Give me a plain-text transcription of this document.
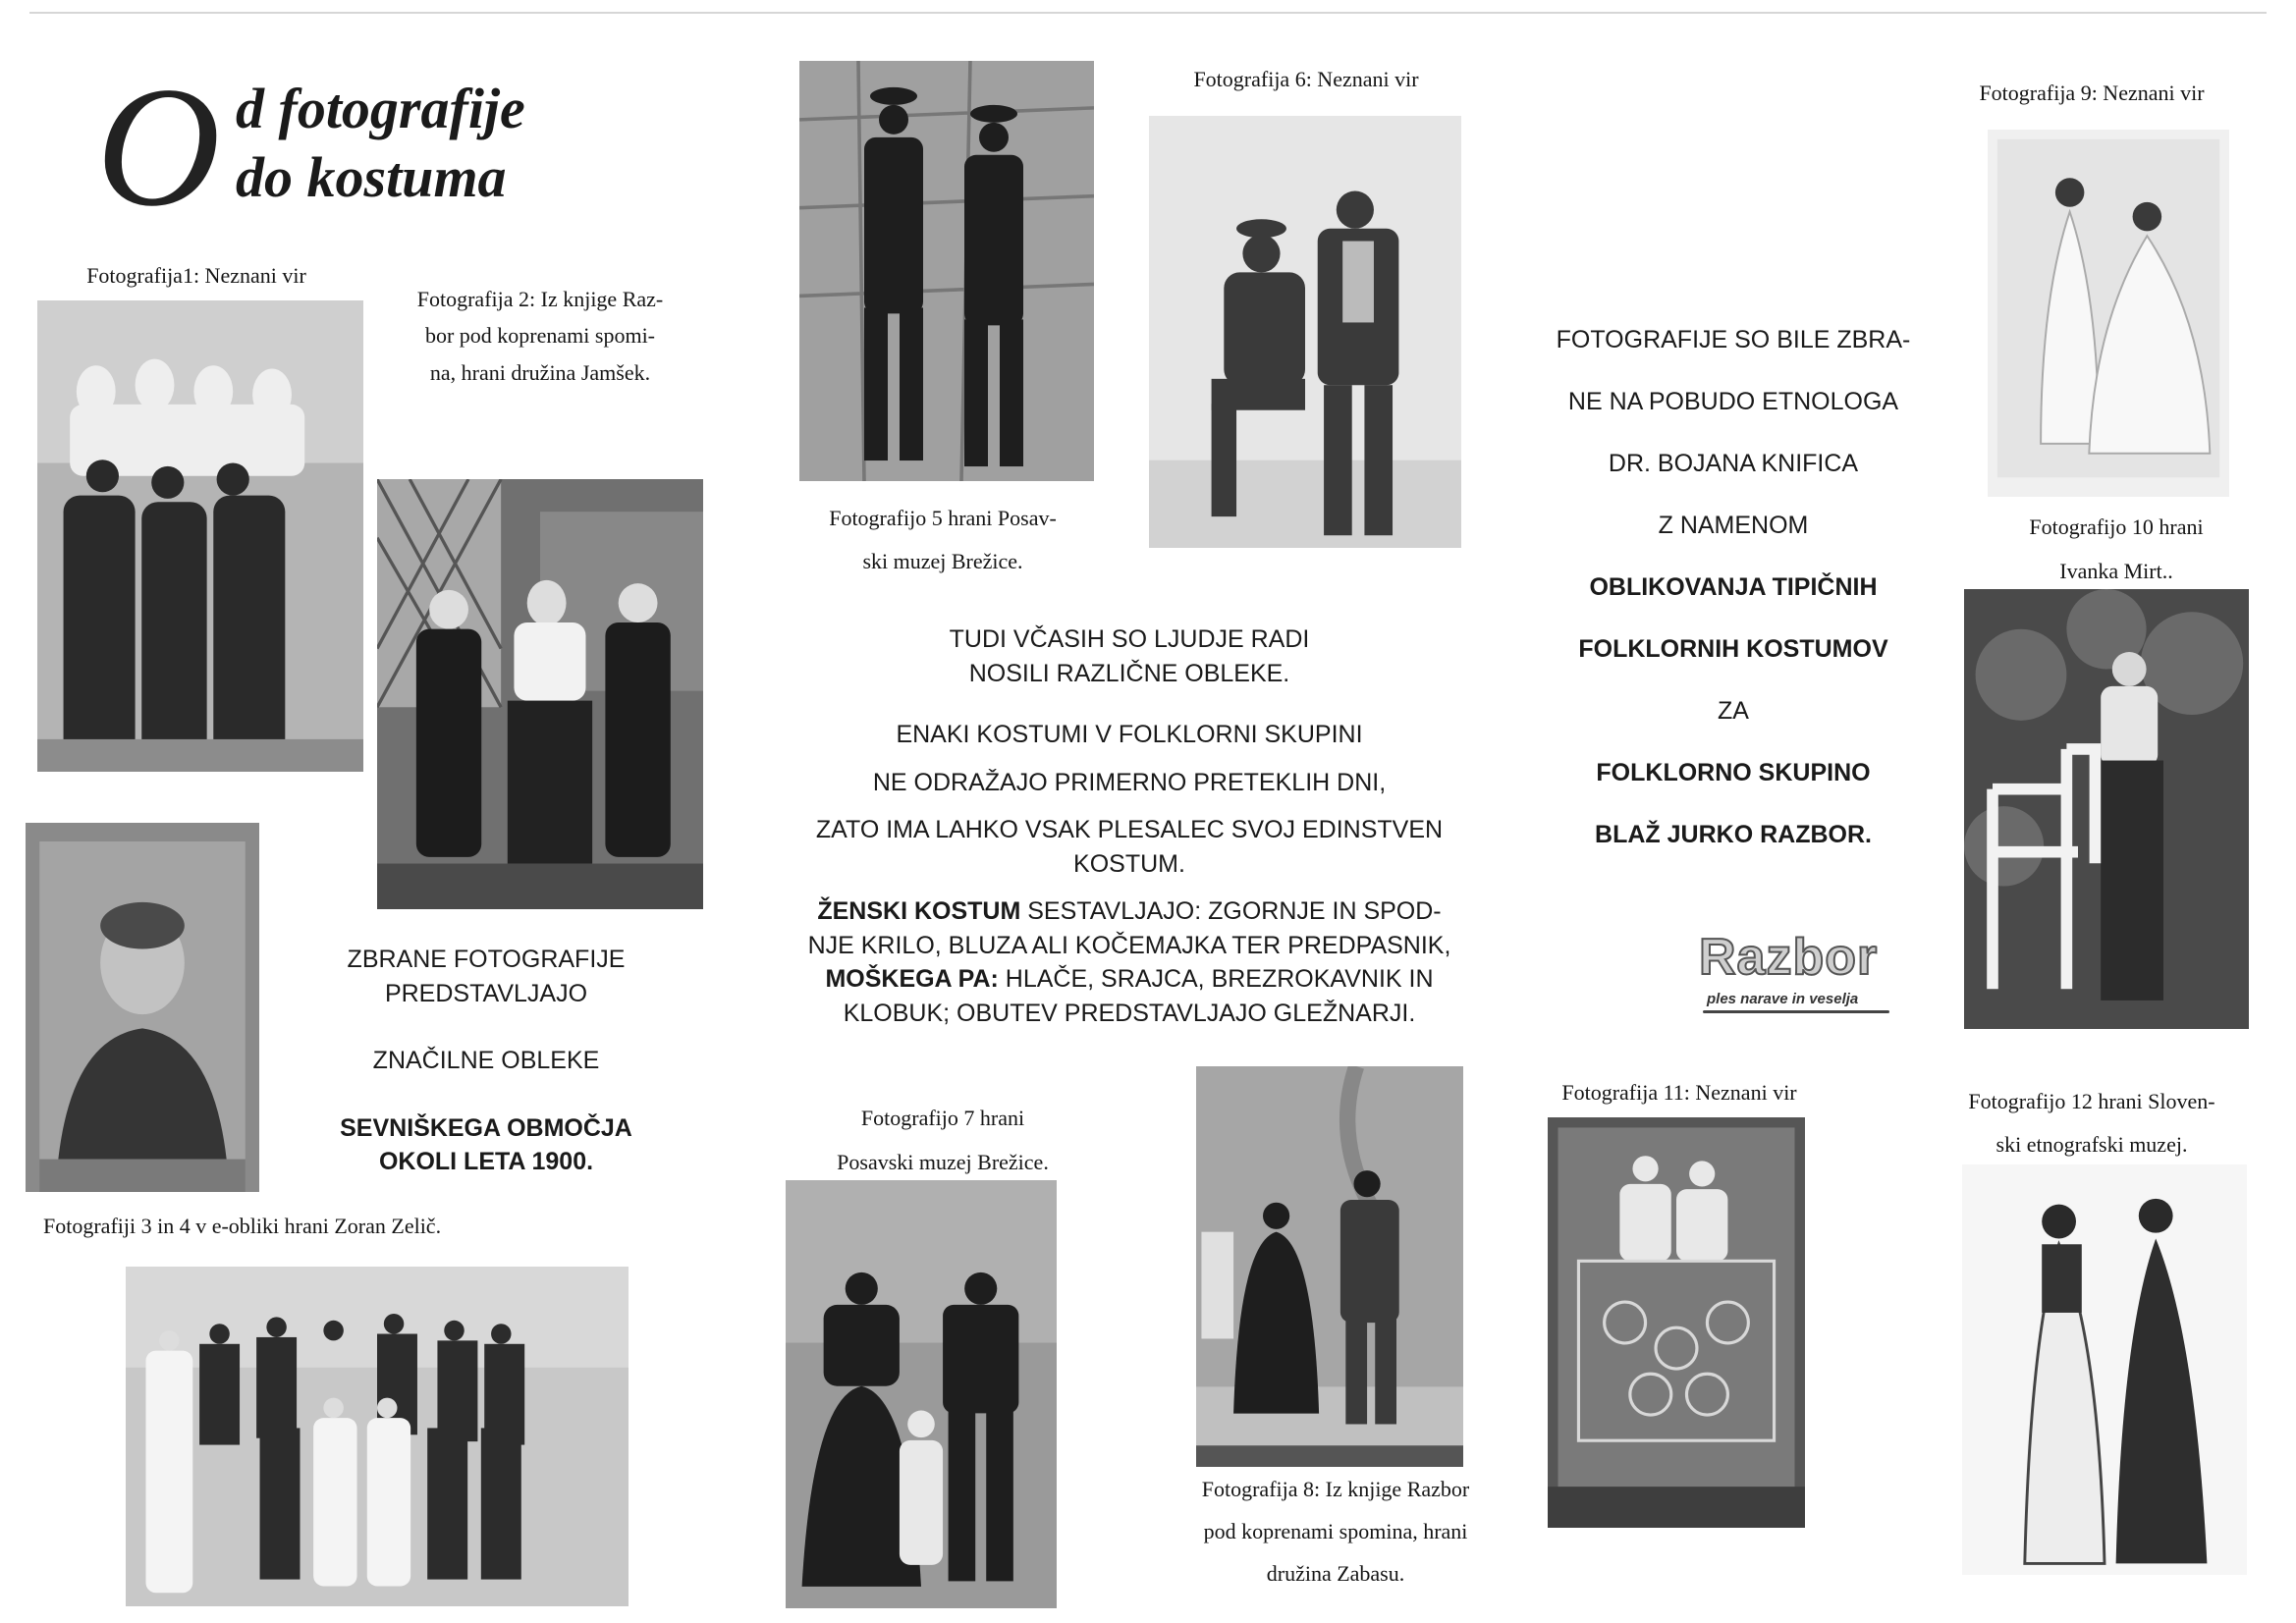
O d fotografije
do kostuma
Fotografija1: Neznani vir
Fotografija 2: Iz knjige Raz-
bor pod koprenami spomi-
na, hrani družina Jamšek.

ZBRANE FOTOGRAFIJE

PREDSTAVLJAJO

ZNAČILNE OBLEKE

SEVNIŠKEGA OBMOČJA

OKOLI LETA 1900.

Fotografiji 3 in 4 v e-obliki hrani Zoran Zelič.
Fotografijo 5 hrani Posav-
ski muzej Brežice.
Fotografija 6: Neznani vir

TUDI VČASIH SO LJUDJE RADI

NOSILI RAZLIČNE OBLEKE.

ENAKI KOSTUMI V FOLKLORNI SKUPINI

NE ODRAŽAJO PRIMERNO PRETEKLIH DNI,

ZATO IMA LAHKO VSAK PLESALEC SVOJ EDINSTVEN

KOSTUM.

ŽENSKI KOSTUM SESTAVLJAJO: ZGORNJE IN SPOD-

NJE KRILO, BLUZA ALI KOČEMAJKA TER PREDPASNIK,

MOŠKEGA PA: HLAČE, SRAJCA, BREZROKAVNIK IN

KLOBUK; OBUTEV PREDSTAVLJAJO GLEŽNARJI.

Fotografijo 7 hrani
Posavski muzej Brežice.
Fotografija 8: Iz knjige Razbor
pod koprenami spomina, hrani
družina Zabasu.

FOTOGRAFIJE SO BILE ZBRA-

NE NA POBUDO ETNOLOGA

DR. BOJANA KNIFICA

Z NAMENOM

OBLIKOVANJA TIPIČNIH

FOLKLORNIH KOSTUMOV

ZA

FOLKLORNO SKUPINO

BLAŽ JURKO RAZBOR.

Razbor
ples narave in veselja
Fotografija 9: Neznani vir
Fotografijo 10 hrani
Ivanka Mirt..
Fotografija 11: Neznani vir	Fotografijo 12 hrani Sloven-
ski etnografski muzej.
